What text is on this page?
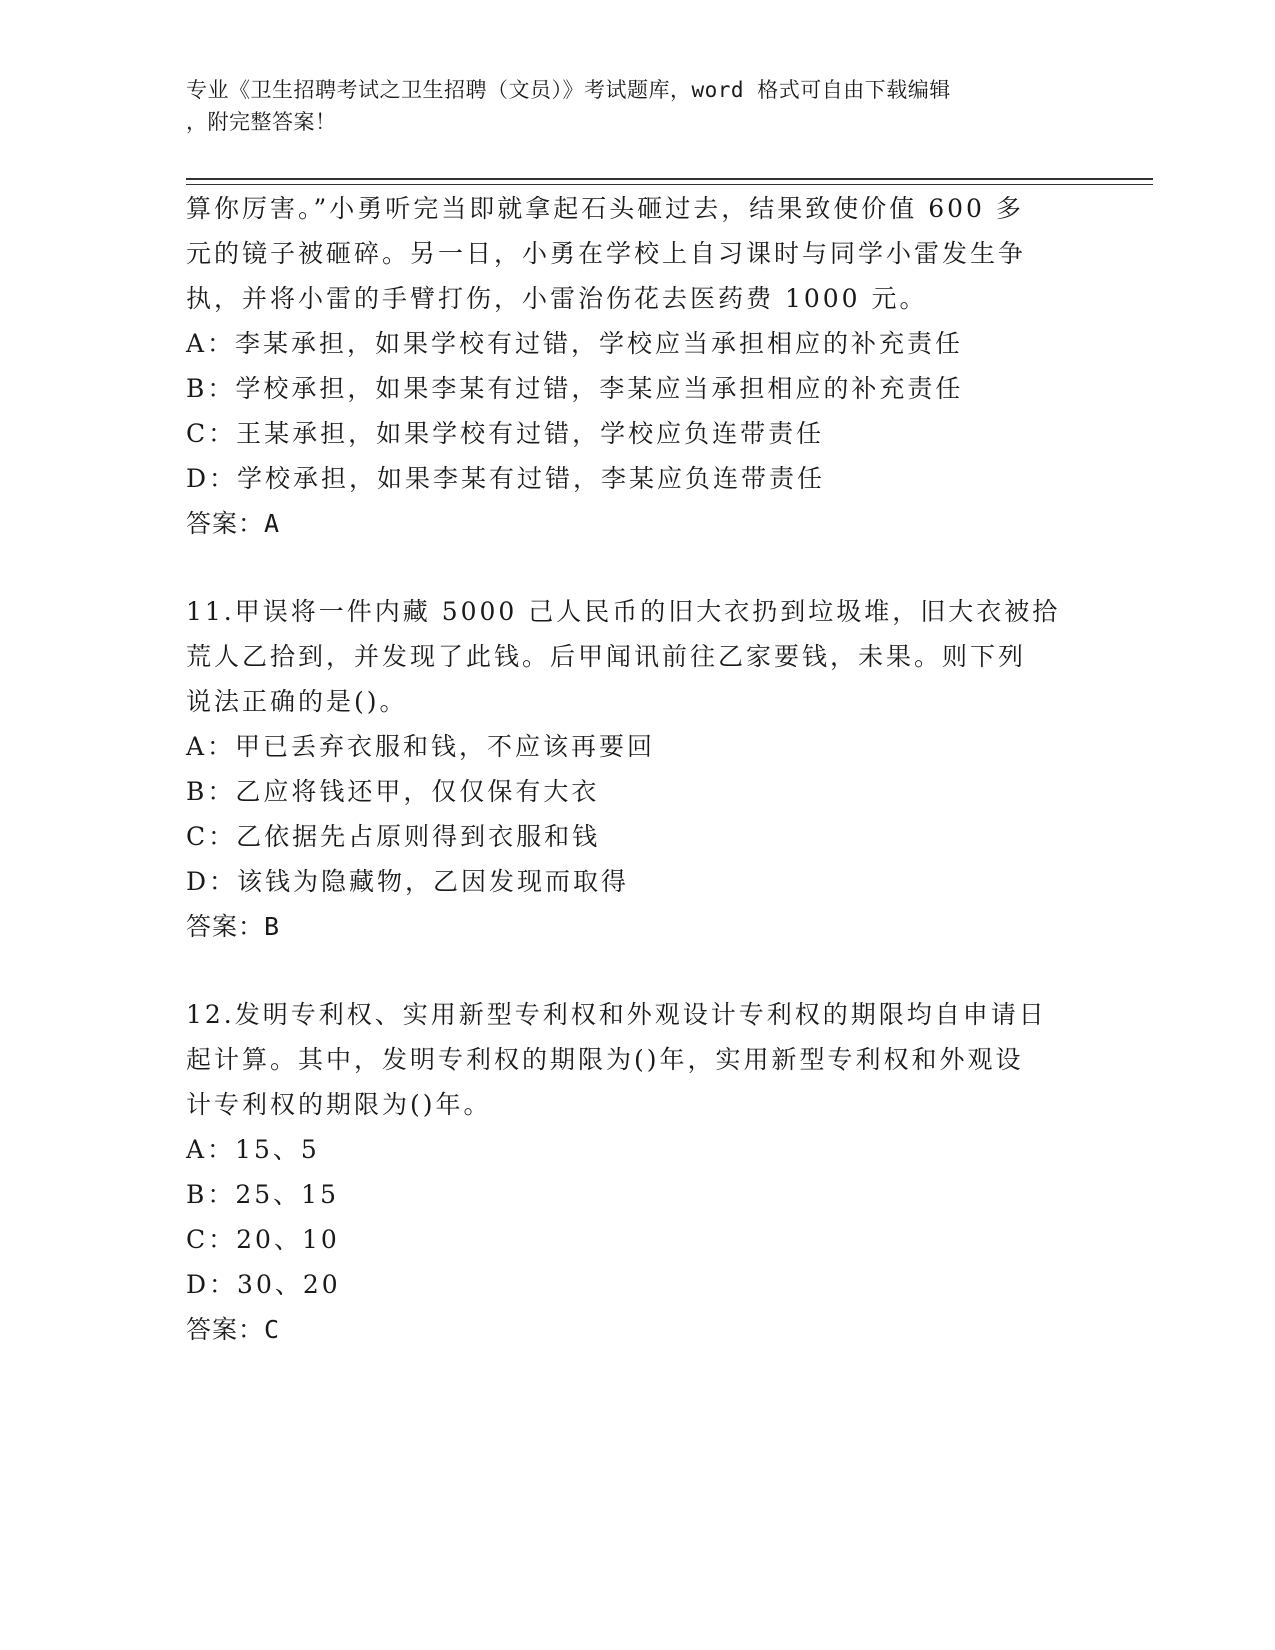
专业《卫生招聘考试之卫生招聘（文员）》考试题库，word 格式可自由下载编辑
，附完整答案！
算你厉害。”小勇听完当即就拿起石头砸过去，结果致使价值 600 多
元的镜子被砸碎。另一日，小勇在学校上自习课时与同学小雷发生争
执，并将小雷的手臂打伤，小雷治伤花去医药费 1000 元。
A：李某承担，如果学校有过错，学校应当承担相应的补充责任
B：学校承担，如果李某有过错，李某应当承担相应的补充责任
C：王某承担，如果学校有过错，学校应负连带责任
D：学校承担，如果李某有过错，李某应负连带责任
答案：A
11.甲误将一件内藏 5000 己人民币的旧大衣扔到垃圾堆，旧大衣被拾
荒人乙拾到，并发现了此钱。后甲闻讯前往乙家要钱，未果。则下列
说法正确的是()。
A：甲已丢弃衣服和钱，不应该再要回
B：乙应将钱还甲，仅仅保有大衣
C：乙依据先占原则得到衣服和钱
D：该钱为隐藏物，乙因发现而取得
答案：B
12.发明专利权、实用新型专利权和外观设计专利权的期限均自申请日
起计算。其中，发明专利权的期限为()年，实用新型专利权和外观设
计专利权的期限为()年。
A：15、5
B：25、15
C：20、10
D：30、20
答案：C
